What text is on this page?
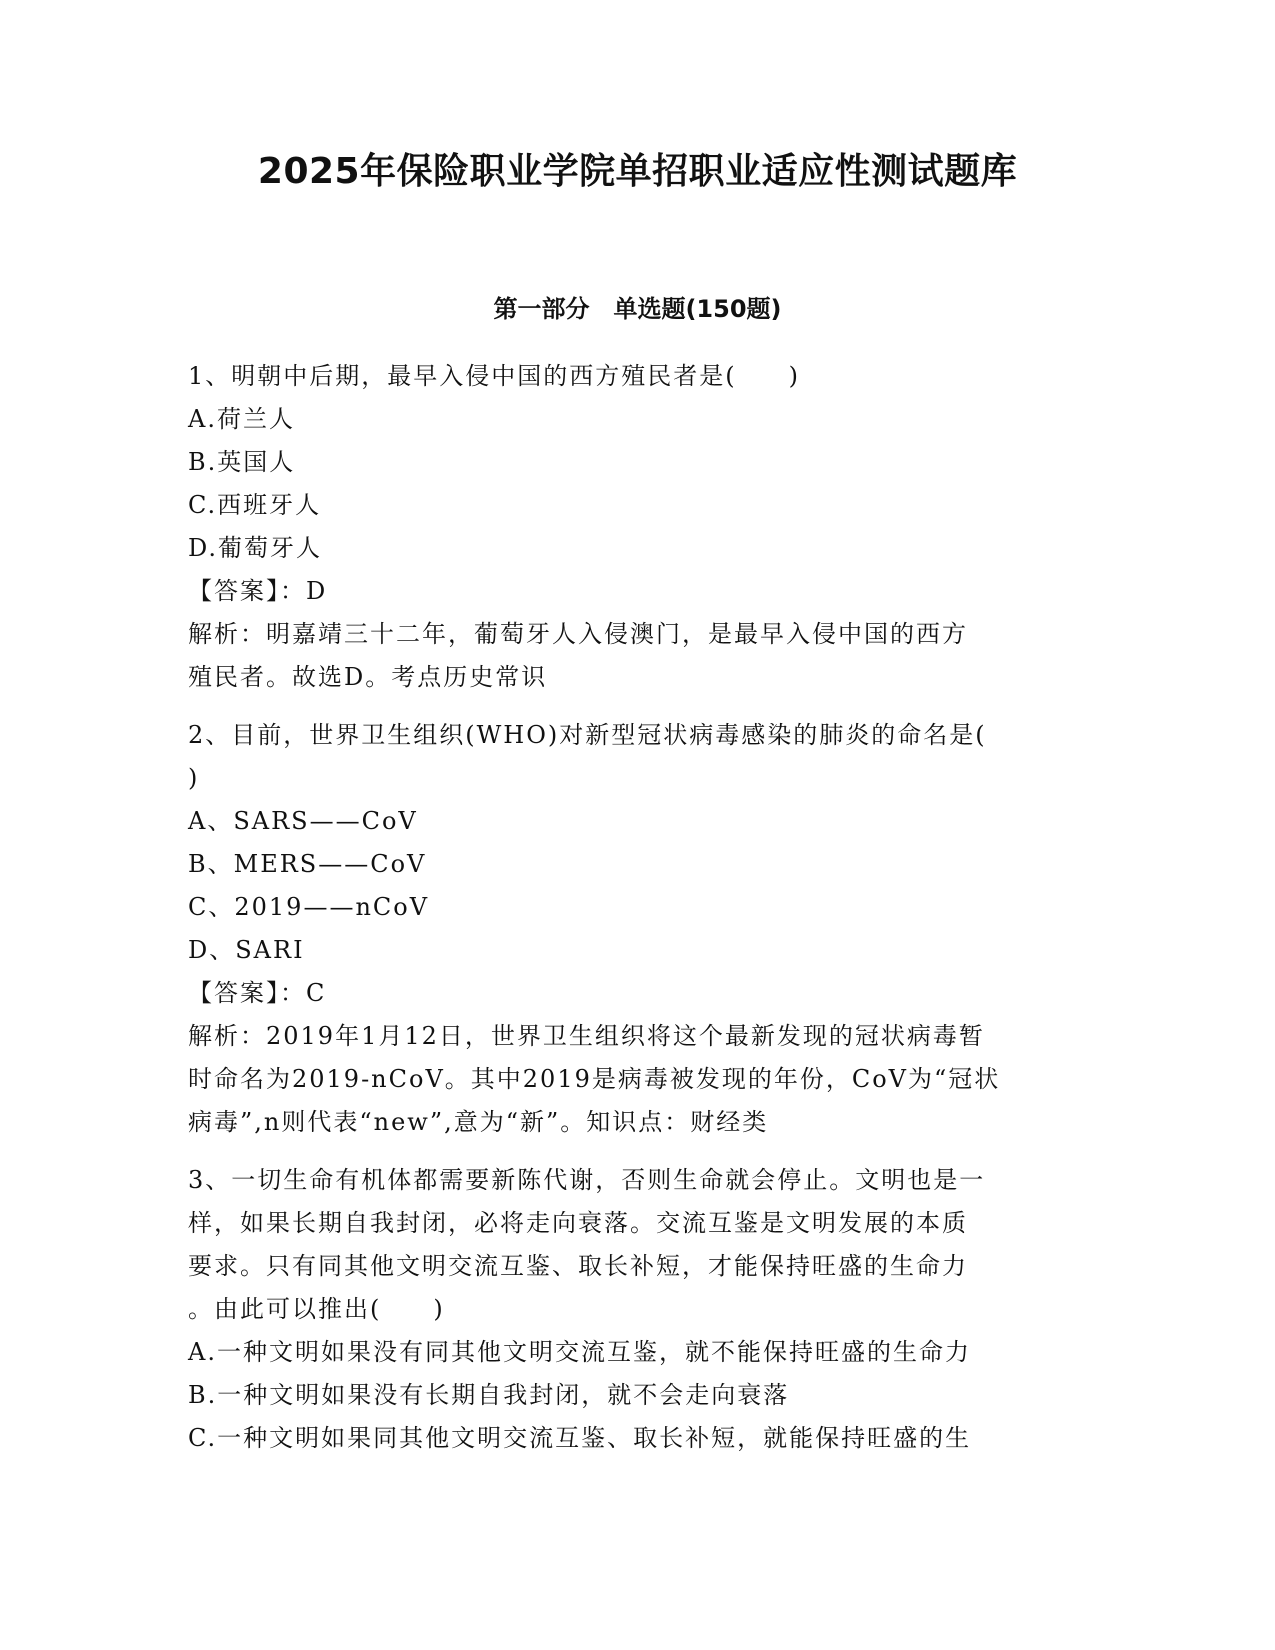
2025年保险职业学院单招职业适应性测试题库
第一部分　单选题(150题)
1、明朝中后期，最早入侵中国的西方殖民者是(　　)
A.荷兰人
B.英国人
C.西班牙人
D.葡萄牙人
【答案】：D
解析：明嘉靖三十二年，葡萄牙人入侵澳门，是最早入侵中国的西方
殖民者。故选D。考点历史常识
2、目前，世界卫生组织(WHO)对新型冠状病毒感染的肺炎的命名是(
)
A、SARS——CoV
B、MERS——CoV
C、2019——nCoV
D、SARI
【答案】：C
解析：2019年1月12日，世界卫生组织将这个最新发现的冠状病毒暂
时命名为2019-nCoV。其中2019是病毒被发现的年份，CoV为“冠状
病毒”,n则代表“new”,意为“新”。知识点：财经类
3、一切生命有机体都需要新陈代谢，否则生命就会停止。文明也是一
样，如果长期自我封闭，必将走向衰落。交流互鉴是文明发展的本质
要求。只有同其他文明交流互鉴、取长补短，才能保持旺盛的生命力
。由此可以推出(　　)
A.一种文明如果没有同其他文明交流互鉴，就不能保持旺盛的生命力
B.一种文明如果没有长期自我封闭，就不会走向衰落
C.一种文明如果同其他文明交流互鉴、取长补短，就能保持旺盛的生
